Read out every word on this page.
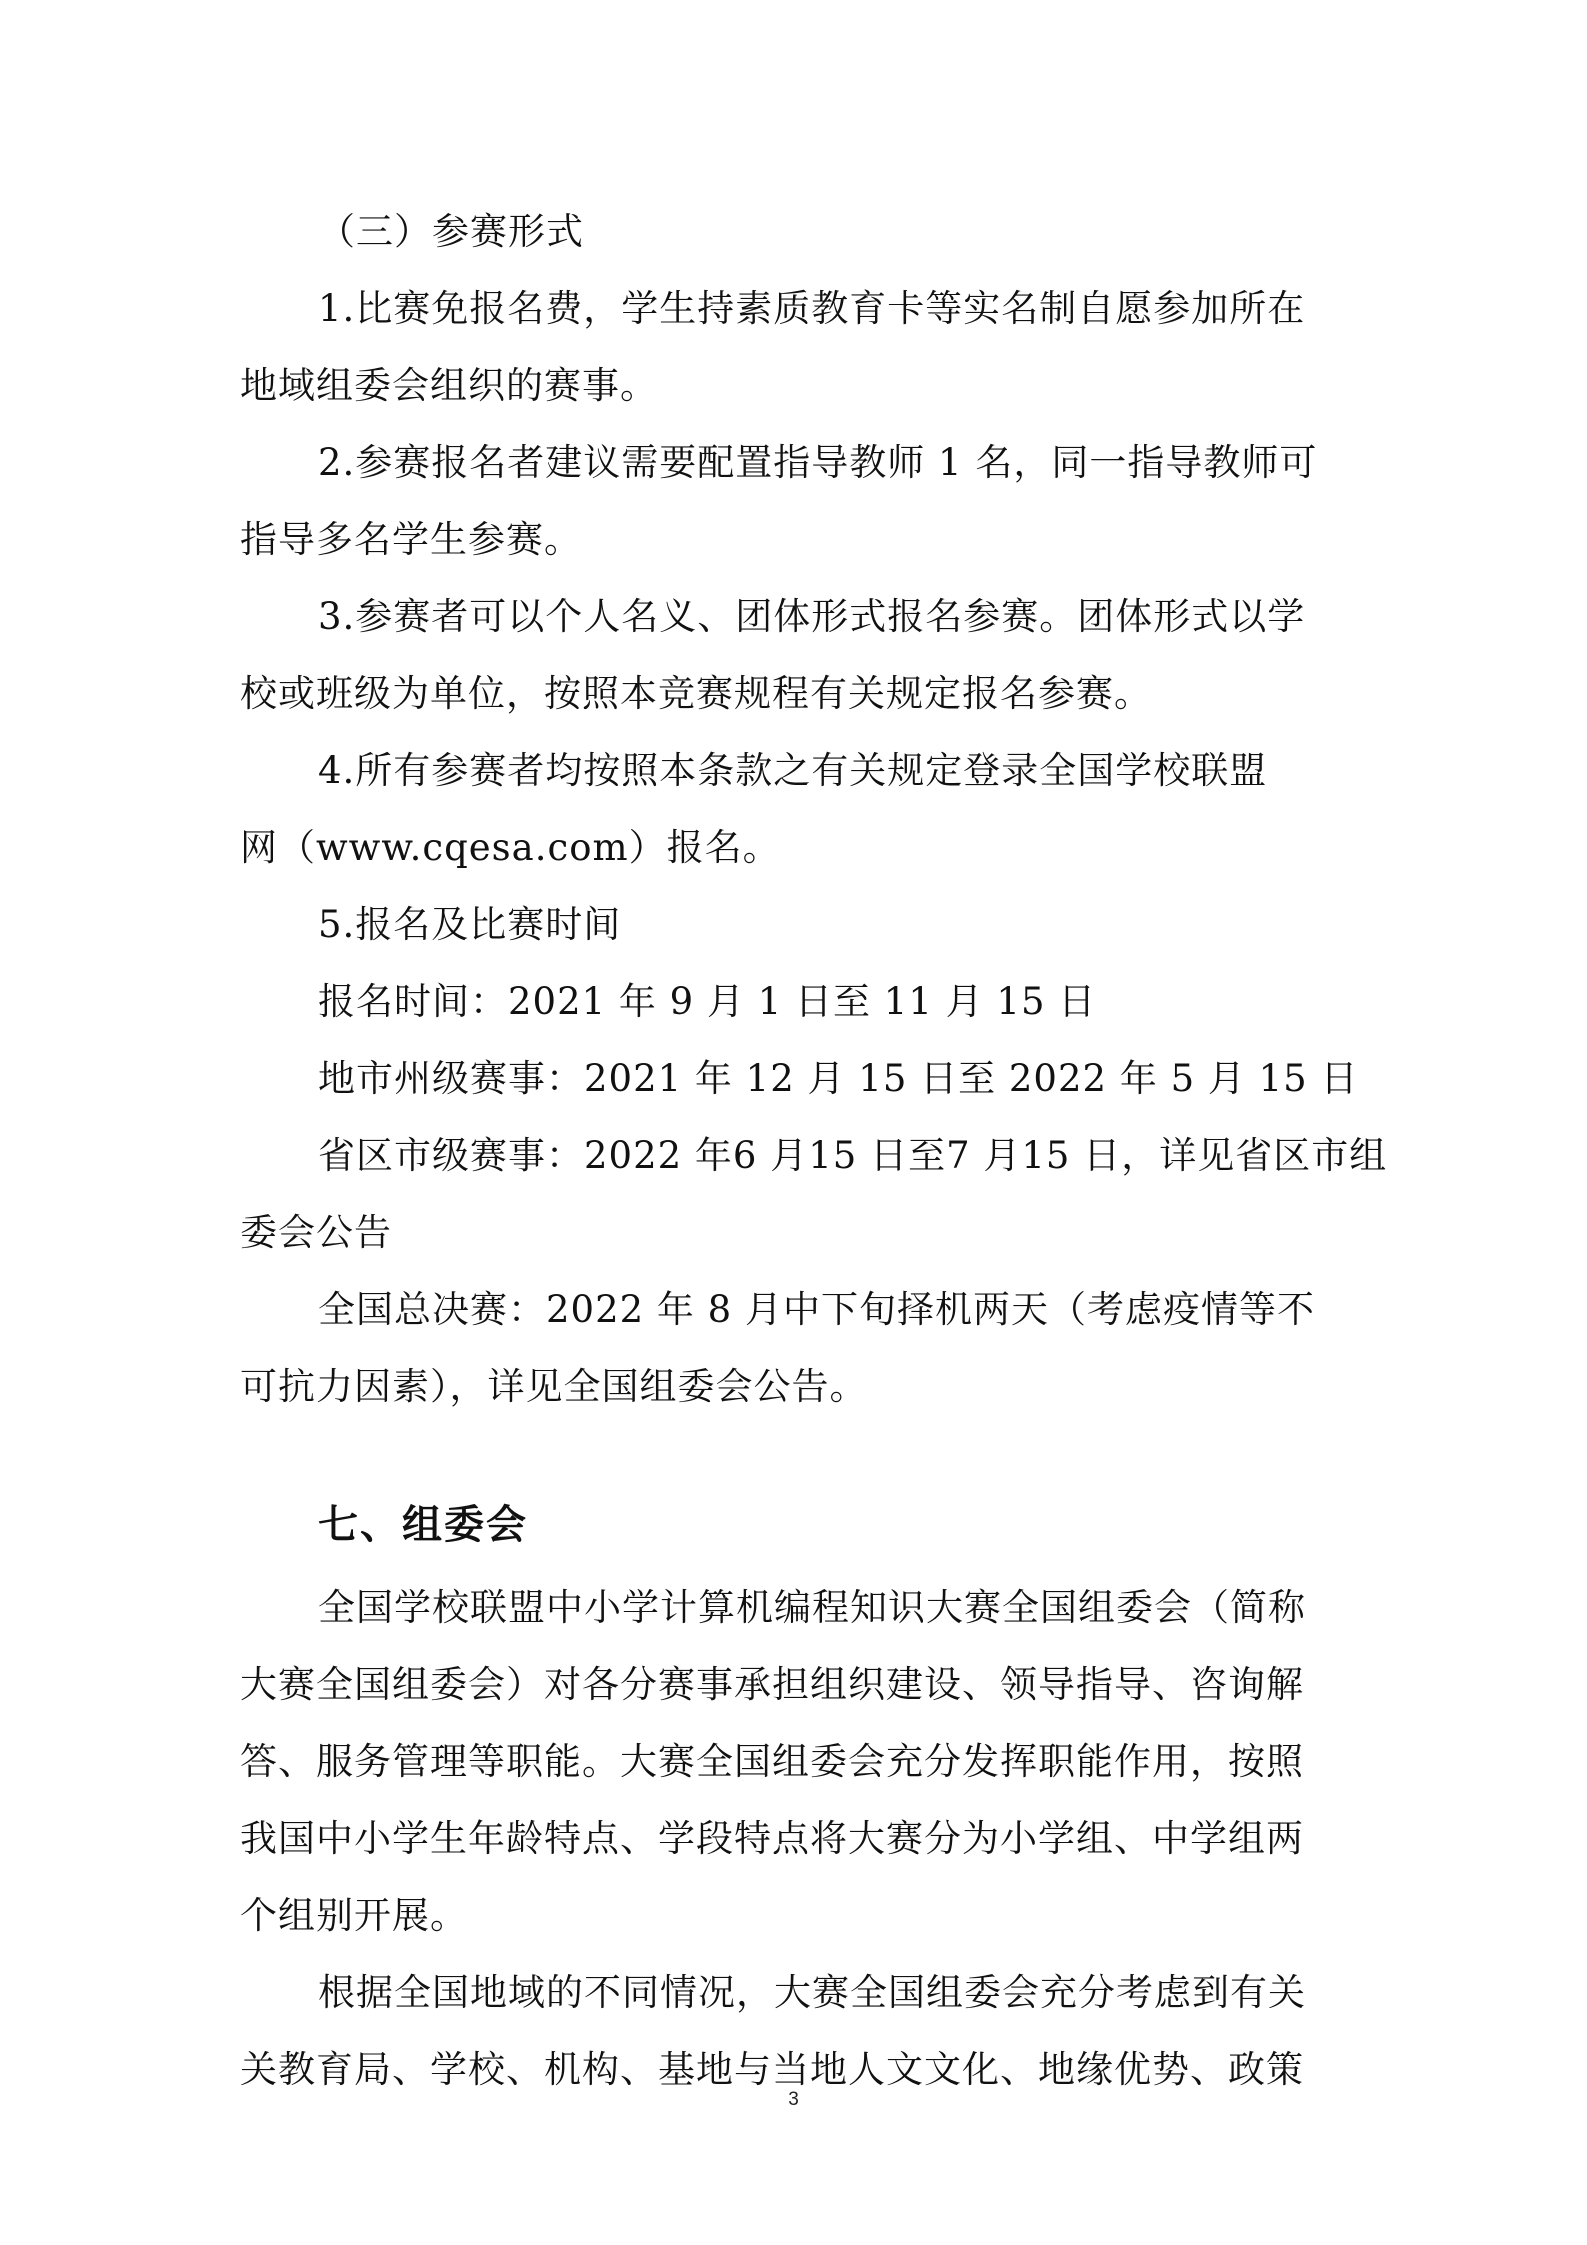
（三）参赛形式
1.比赛免报名费，学生持素质教育卡等实名制自愿参加所在
地域组委会组织的赛事。
2.参赛报名者建议需要配置指导教师 1 名，同一指导教师可
指导多名学生参赛。
3.参赛者可以个人名义、团体形式报名参赛。团体形式以学
校或班级为单位，按照本竞赛规程有关规定报名参赛。
4.所有参赛者均按照本条款之有关规定登录全国学校联盟
网（www.cqesa.com）报名。
5.报名及比赛时间
报名时间：2021 年 9 月 1 日至 11 月 15 日
地市州级赛事：2021 年 12 月 15 日至 2022 年 5 月 15 日
省区市级赛事：2022 年6 月15 日至7 月15 日，详见省区市组
委会公告
全国总决赛：2022 年 8 月中下旬择机两天（考虑疫情等不
可抗力因素），详见全国组委会公告。
七、组委会
全国学校联盟中小学计算机编程知识大赛全国组委会（简称
大赛全国组委会）对各分赛事承担组织建设、领导指导、咨询解
答、服务管理等职能。大赛全国组委会充分发挥职能作用，按照
我国中小学生年龄特点、学段特点将大赛分为小学组、中学组两
个组别开展。
根据全国地域的不同情况，大赛全国组委会充分考虑到有关
关教育局、学校、机构、基地与当地人文文化、地缘优势、政策
3
